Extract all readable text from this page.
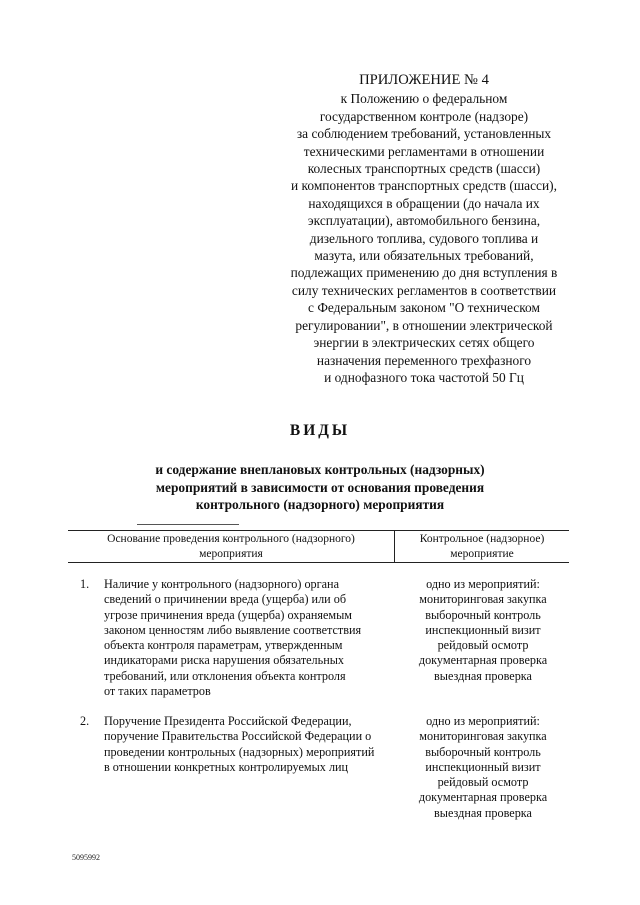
ПРИЛОЖЕНИЕ № 4
к Положению о федеральном
государственном контроле (надзоре)
за соблюдением требований, установленных
техническими регламентами в отношении
колесных транспортных средств (шасси)
и компонентов транспортных средств (шасси),
находящихся в обращении (до начала их
эксплуатации), автомобильного бензина,
дизельного топлива, судового топлива и
мазута, или обязательных требований,
подлежащих применению до дня вступления в
силу технических регламентов в соответствии
с Федеральным законом "О техническом
регулировании", в отношении электрической
энергии в электрических сетях общего
назначения переменного трехфазного
и однофазного тока частотой 50 Гц
ВИДЫ
и содержание внеплановых контрольных (надзорных)
мероприятий в зависимости от основания проведения
контрольного (надзорного) мероприятия
Основание проведения контрольного (надзорного)
мероприятия
Контрольное (надзорное)
мероприятие
1. Наличие у контрольного (надзорного) органа
сведений о причинении вреда (ущерба) или об
угрозе причинения вреда (ущерба) охраняемым
законом ценностям либо выявление соответствия
объекта контроля параметрам, утвержденным
индикаторами риска нарушения обязательных
требований, или отклонения объекта контроля
от таких параметров
одно из мероприятий:
мониторинговая закупка
выборочный контроль
инспекционный визит
рейдовый осмотр
документарная проверка
выездная проверка
2. Поручение Президента Российской Федерации,
поручение Правительства Российской Федерации о
проведении контрольных (надзорных) мероприятий
в отношении конкретных контролируемых лиц
одно из мероприятий:
мониторинговая закупка
выборочный контроль
инспекционный визит
рейдовый осмотр
документарная проверка
выездная проверка
5095992
